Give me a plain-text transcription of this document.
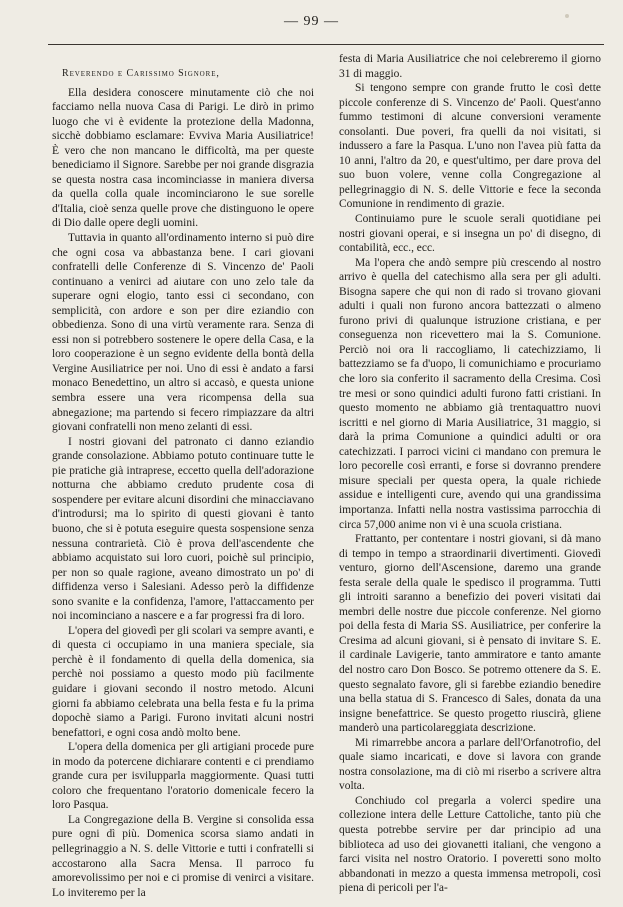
— 99 —
Reverendo e Carissimo Signore,

Ella desidera conoscere minutamente ciò che noi facciamo nella nuova Casa di Parigi. Le dirò in primo luogo che vi è evidente la protezione della Madonna, sicchè dobbiamo esclamare: Evviva Maria Ausiliatrice! È vero che non mancano le difficoltà, ma per queste benediciamo il Signore. Sarebbe per noi grande disgrazia se questa nostra casa incominciasse in maniera diversa da quella colla quale incominciarono le sue sorelle d'Italia, cioè senza quelle prove che distinguono le opere di Dio dalle opere degli uomini.

Tuttavia in quanto all'ordinamento interno si può dire che ogni cosa va abbastanza bene. I cari giovani confratelli delle Conferenze di S. Vincenzo de' Paoli continuano a venirci ad aiutare con uno zelo tale da superare ogni elogio, tanto essi ci secondano, con semplicità, con ardore e son per dire eziandio con obbedienza. Sono di una virtù veramente rara. Senza di essi non si potrebbero sostenere le opere della Casa, e la loro cooperazione è un segno evidente della bontà della Vergine Ausiliatrice per noi. Uno di essi è andato a farsi monaco Benedettino, un altro si accasò, e questa unione sembra essere una vera ricompensa della sua abnegazione; ma partendo si fecero rimpiazzare da altri giovani confratelli non meno zelanti di essi.

I nostri giovani del patronato ci danno eziandio grande consolazione. Abbiamo potuto continuare tutte le pie pratiche già intraprese, eccetto quella dell'adorazione notturna che abbiamo creduto prudente cosa di sospendere per evitare alcuni disordini che minacciavano d'introdursi; ma lo spirito di questi giovani è tanto buono, che si è potuta eseguire questa sospensione senza nessuna contrarietà. Ciò è prova dell'ascendente che abbiamo acquistato sui loro cuori, poichè sul principio, per non so quale ragione, aveano dimostrato un po' di diffidenza verso i Salesiani. Adesso però la diffidenze sono svanite e la confidenza, l'amore, l'attaccamento per noi incominciano a nascere e a far progressi fra di loro.

L'opera del giovedì per gli scolari va sempre avanti, e di questa ci occupiamo in una maniera speciale, sia perchè è il fondamento di quella della domenica, sia perchè noi possiamo a questo modo più facilmente guidare i giovani secondo il nostro metodo. Alcuni giorni fa abbiamo celebrata una bella festa e fu la prima dopochè siamo a Parigi. Furono invitati alcuni nostri benefattori, e ogni cosa andò molto bene.

L'opera della domenica per gli artigiani procede pure in modo da potercene dichiarare contenti e ci prendiamo grande cura per isvilupparla maggiormente. Quasi tutti coloro che frequentano l'oratorio domenicale fecero la loro Pasqua.

La Congregazione della B. Vergine si consolida essa pure ogni dì più. Domenica scorsa siamo andati in pellegrinaggio a N. S. delle Vittorie e tutti i confratelli si accostarono alla Sacra Mensa. Il parroco fu amorevolissimo per noi e ci promise di venirci a visitare. Lo inviteremo per la

festa di Maria Ausiliatrice che noi celebreremo il giorno 31 di maggio.

Si tengono sempre con grande frutto le così dette piccole conferenze di S. Vincenzo de' Paoli. Quest'anno fummo testimoni di alcune conversioni veramente consolanti. Due poveri, fra quelli da noi visitati, si indussero a fare la Pasqua. L'uno non l'avea più fatta da 10 anni, l'altro da 20, e quest'ultimo, per dare prova del suo buon volere, venne colla Congregazione al pellegrinaggio di N. S. delle Vittorie e fece la seconda Comunione in rendimento di grazie.

Continuiamo pure le scuole serali quotidiane pei nostri giovani operai, e si insegna un po' di disegno, di contabilità, ecc., ecc.

Ma l'opera che andò sempre più crescendo al nostro arrivo è quella del catechismo alla sera per gli adulti. Bisogna sapere che qui non di rado si trovano giovani adulti i quali non furono ancora battezzati o almeno furono privi di qualunque istruzione cristiana, e per conseguenza non ricevettero mai la S. Comunione. Perciò noi ora li raccogliamo, li catechizziamo, li battezziamo se fa d'uopo, li comunichiamo e procuriamo che loro sia conferito il sacramento della Cresima. Così tre mesi or sono quindici adulti furono fatti cristiani. In questo momento ne abbiamo già trentaquattro nuovi iscritti e nel giorno di Maria Ausiliatrice, 31 maggio, si darà la prima Comunione a quindici adulti or ora catechizzati. I parroci vicini ci mandano con premura le loro pecorelle così erranti, e forse si dovranno prendere misure speciali per questa opera, la quale richiede assidue e intelligenti cure, avendo qui una grandissima importanza. Infatti nella nostra vastissima parrocchia di circa 57,000 anime non vi è una scuola cristiana.

Frattanto, per contentare i nostri giovani, si dà mano di tempo in tempo a straordinarii divertimenti. Giovedì venturo, giorno dell'Ascensione, daremo una grande festa serale della quale le spedisco il programma. Tutti gli introiti saranno a benefizio dei poveri visitati dai membri delle nostre due piccole conferenze. Nel giorno poi della festa di Maria SS. Ausiliatrice, per conferire la Cresima ad alcuni giovani, si è pensato di invitare S. E. il cardinale Lavigerie, tanto ammiratore e tanto amante del nostro caro Don Bosco. Se potremo ottenere da S. E. questo segnalato favore, gli si farebbe eziandio benedire una bella statua di S. Francesco di Sales, donata da una insigne benefattrice. Se questo progetto riuscirà, gliene manderò una particolareggiata descrizione.

Mi rimarrebbe ancora a parlare dell'Orfanotrofio, del quale siamo incaricati, e dove si lavora con grande nostra consolazione, ma di ciò mi riserbo a scrivere altra volta.

Conchiudo col pregarla a volerci spedire una collezione intera delle Letture Cattoliche, tanto più che questa potrebbe servire per dar principio ad una biblioteca ad uso dei giovanetti italiani, che vengono a farci visita nel nostro Oratorio. I poveretti sono molto abbandonati in mezzo a questa immensa metropoli, così piena di pericoli per l'a-
